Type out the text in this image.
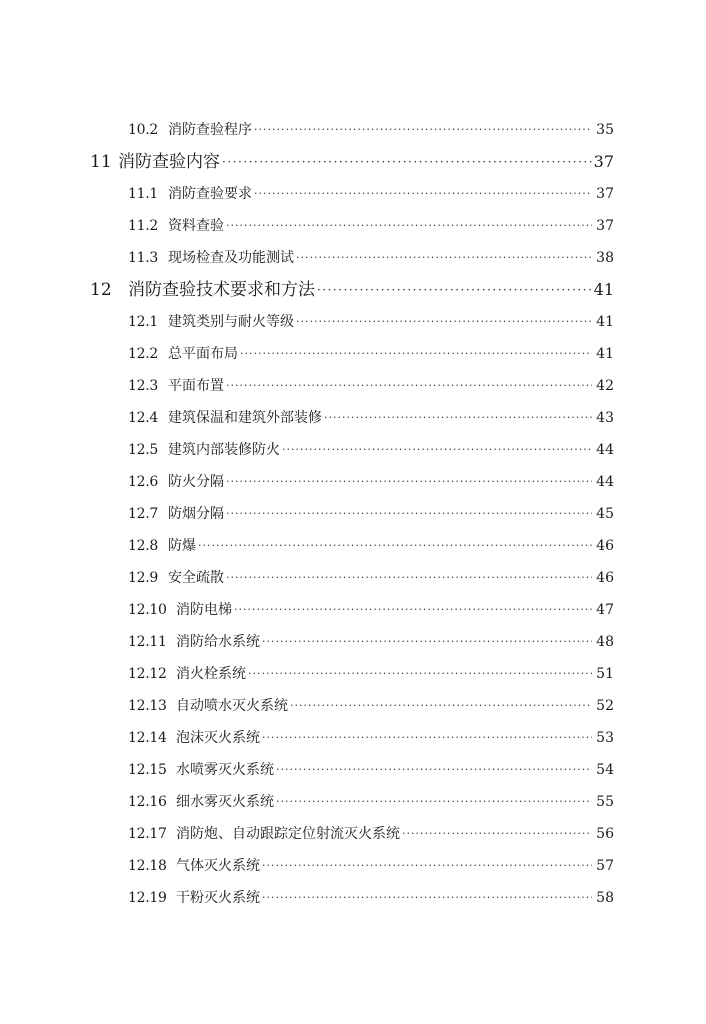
10.2 消防查验程序 ·····	35
11 消防查验内容 ·····	37
11.1 消防查验要求 ·····	37
11.2 资料查验 ·····	37
11.3 现场检查及功能测试 ·····	38
12 消防查验技术要求和方法 ·····	41
12.1 建筑类别与耐火等级 ·····	41
12.2 总平面布局 ·····	41
12.3 平面布置 ·····	42
12.4 建筑保温和建筑外部装修 ·····	43
12.5 建筑内部装修防火 ·····	44
12.6 防火分隔 ·····	44
12.7 防烟分隔 ·····	45
12.8 防爆 ·····	46
12.9 安全疏散 ·····	46
12.10 消防电梯 ·····	47
12.11 消防给水系统 ·····	48
12.12 消火栓系统 ·····	51
12.13 自动喷水灭火系统 ·····	52
12.14 泡沫灭火系统 ·····	53
12.15 水喷雾灭火系统 ·····	54
12.16 细水雾灭火系统 ·····	55
12.17 消防炮、自动跟踪定位射流灭火系统 ·····	56
12.18 气体灭火系统 ·····	57
12.19 干粉灭火系统 ·····	58
